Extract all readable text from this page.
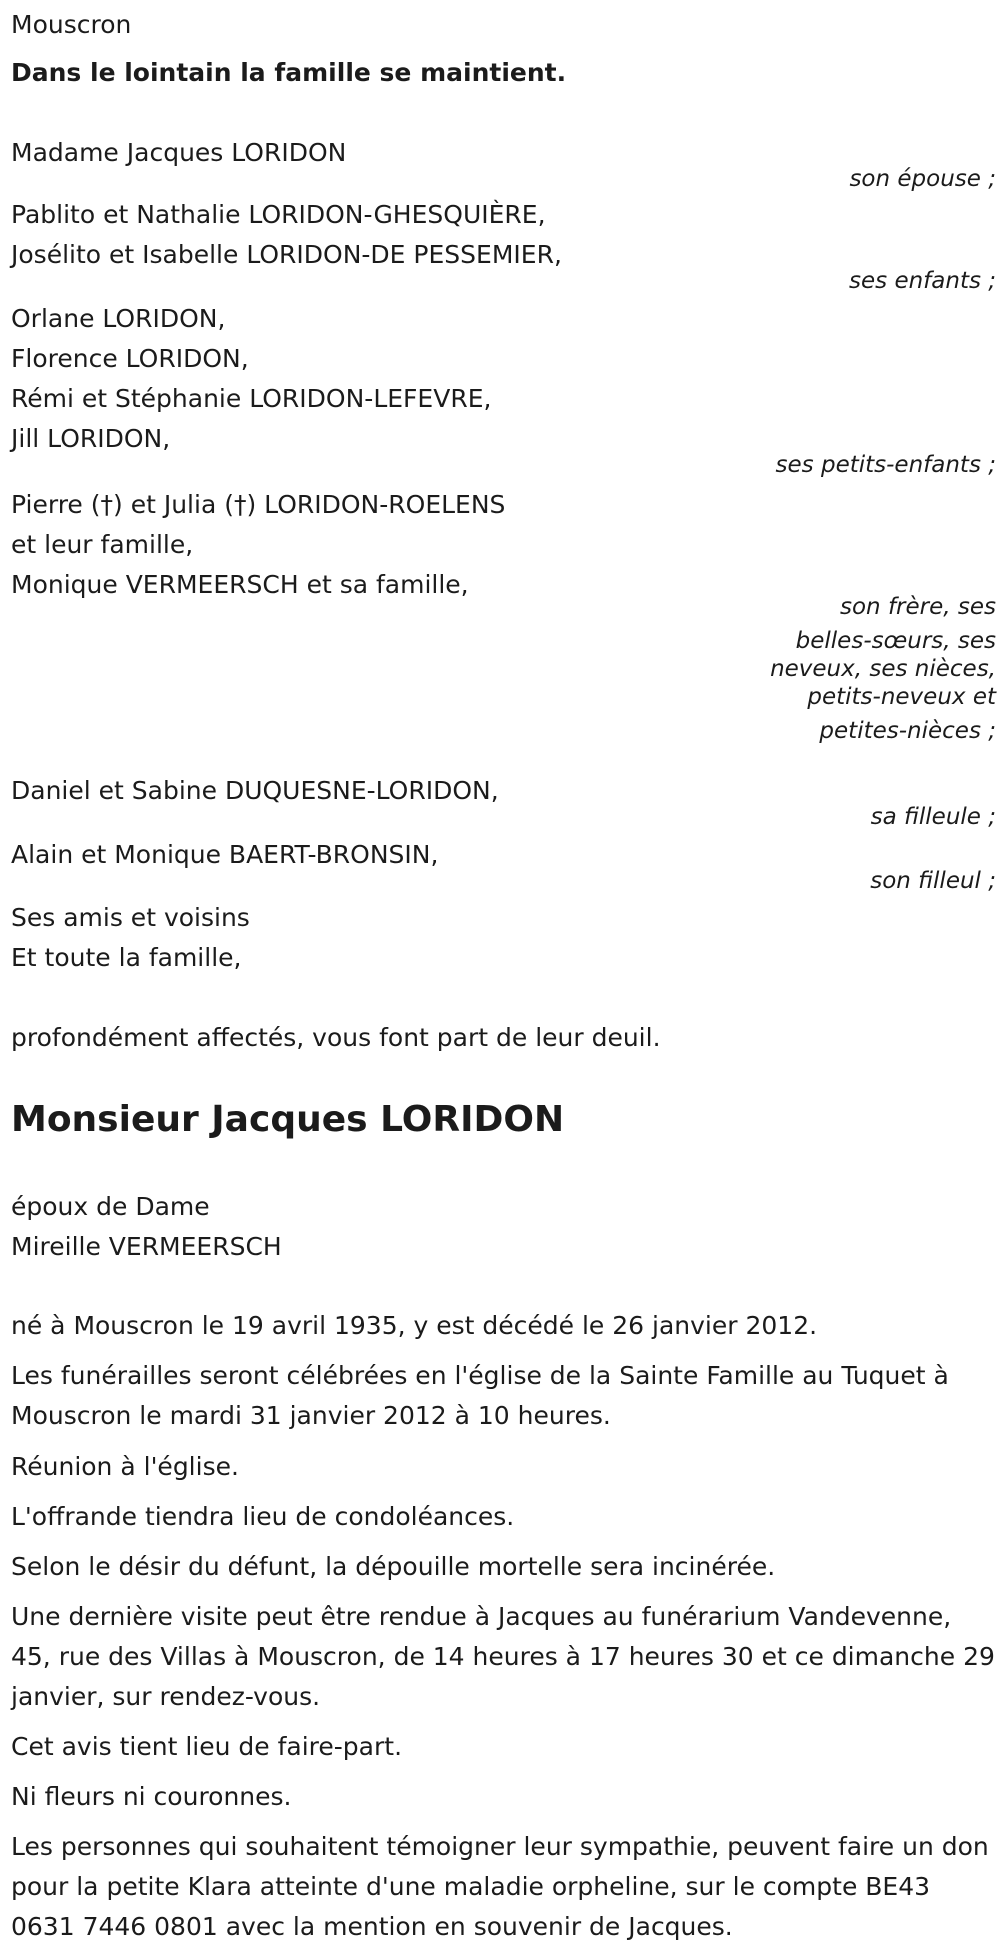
Mouscron
Dans le lointain la famille se maintient.
Madame Jacques LORIDON
son épouse ;
Pablito et Nathalie LORIDON-GHESQUIÈRE,
Josélito et Isabelle LORIDON-DE PESSEMIER,
ses enfants ;
Orlane LORIDON,
Florence LORIDON,
Rémi et Stéphanie LORIDON-LEFEVRE,
Jill LORIDON,
ses petits-enfants ;
Pierre (†) et Julia (†) LORIDON-ROELENS
et leur famille,
Monique VERMEERSCH et sa famille,
son frère, ses
belles-sœurs, ses
neveux, ses nièces,
petits-neveux et
petites-nièces ;
Daniel et Sabine DUQUESNE-LORIDON,
sa filleule ;
Alain et Monique BAERT-BRONSIN,
son filleul ;
Ses amis et voisins
Et toute la famille,
profondément affectés, vous font part de leur deuil.
Monsieur Jacques LORIDON
époux de Dame
Mireille VERMEERSCH
né à Mouscron le 19 avril 1935, y est décédé le 26 janvier 2012.
Les funérailles seront célébrées en l'église de la Sainte Famille au Tuquet à Mouscron le mardi 31 janvier 2012 à 10 heures.
Réunion à l'église.
L'offrande tiendra lieu de condoléances.
Selon le désir du défunt, la dépouille mortelle sera incinérée.
Une dernière visite peut être rendue à Jacques au funérarium Vandevenne, 45, rue des Villas à Mouscron, de 14 heures à 17 heures 30 et ce dimanche 29 janvier, sur rendez-vous.
Cet avis tient lieu de faire-part.
Ni fleurs ni couronnes.
Les personnes qui souhaitent témoigner leur sympathie, peuvent faire un don pour la petite Klara atteinte d'une maladie orpheline, sur le compte BE43 0631 7446 0801 avec la mention en souvenir de Jacques.
